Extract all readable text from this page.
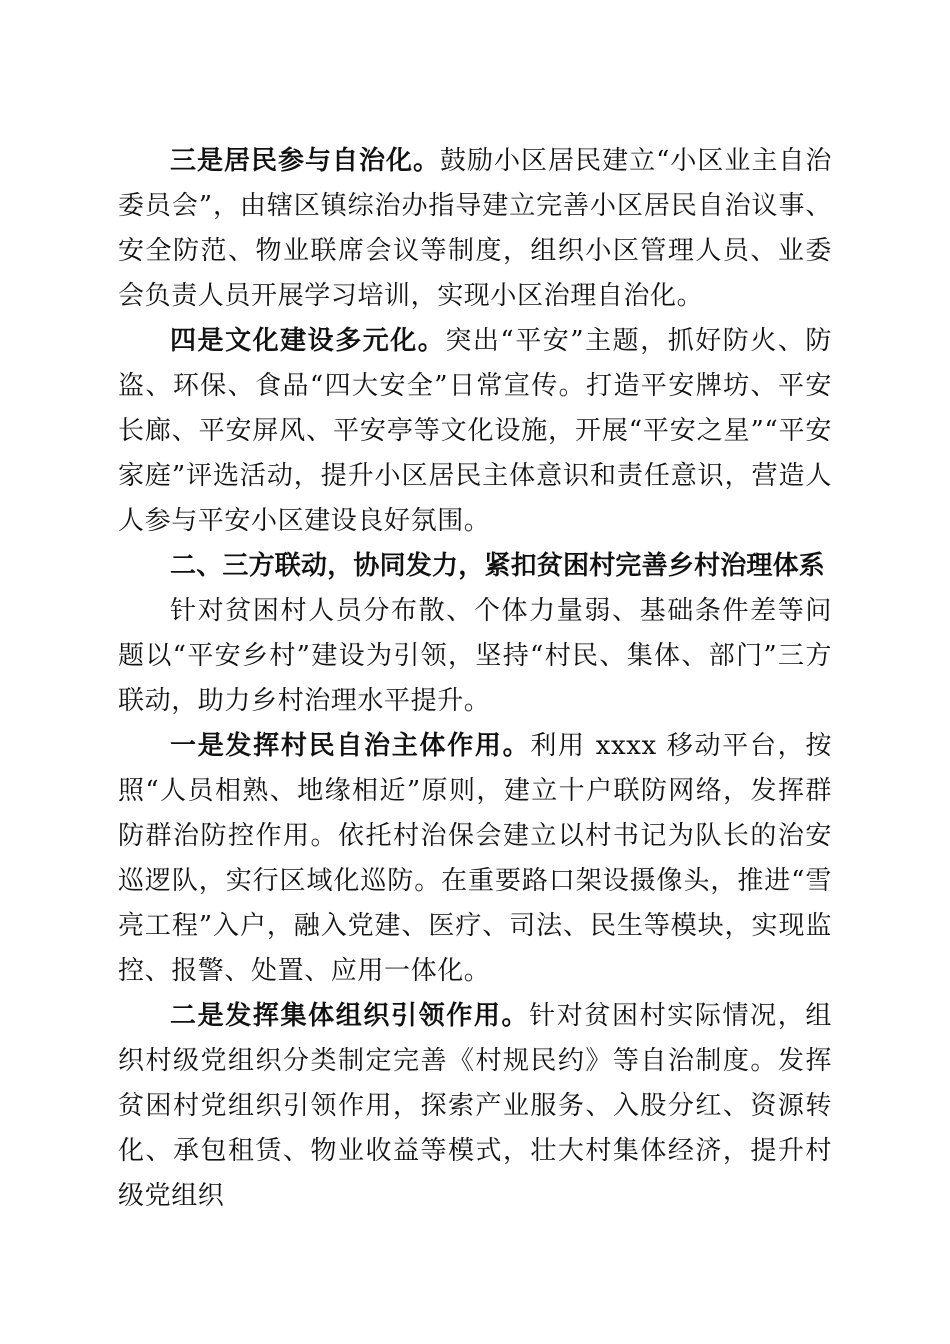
三是居民参与自治化。鼓励小区居民建立“小区业主自治委员会”，由辖区镇综治办指导建立完善小区居民自治议事、安全防范、物业联席会议等制度，组织小区管理人员、业委会负责人员开展学习培训，实现小区治理自治化。

四是文化建设多元化。突出“平安”主题，抓好防火、防盗、环保、食品“四大安全”日常宣传。打造平安牌坊、平安长廊、平安屏风、平安亭等文化设施，开展“平安之星”“平安家庭”评选活动，提升小区居民主体意识和责任意识，营造人人参与平安小区建设良好氛围。

二、三方联动，协同发力，紧扣贫困村完善乡村治理体系

针对贫困村人员分布散、个体力量弱、基础条件差等问题以“平安乡村”建设为引领，坚持“村民、集体、部门”三方联动，助力乡村治理水平提升。

一是发挥村民自治主体作用。利用 xxxx 移动平台，按照“人员相熟、地缘相近”原则，建立十户联防网络，发挥群防群治防控作用。依托村治保会建立以村书记为队长的治安巡逻队，实行区域化巡防。在重要路口架设摄像头，推进“雪亮工程”入户，融入党建、医疗、司法、民生等模块，实现监控、报警、处置、应用一体化。

二是发挥集体组织引领作用。针对贫困村实际情况，组织村级党组织分类制定完善《村规民约》等自治制度。发挥贫困村党组织引领作用，探索产业服务、入股分红、资源转化、承包租赁、物业收益等模式，壮大村集体经济，提升村级党组织
